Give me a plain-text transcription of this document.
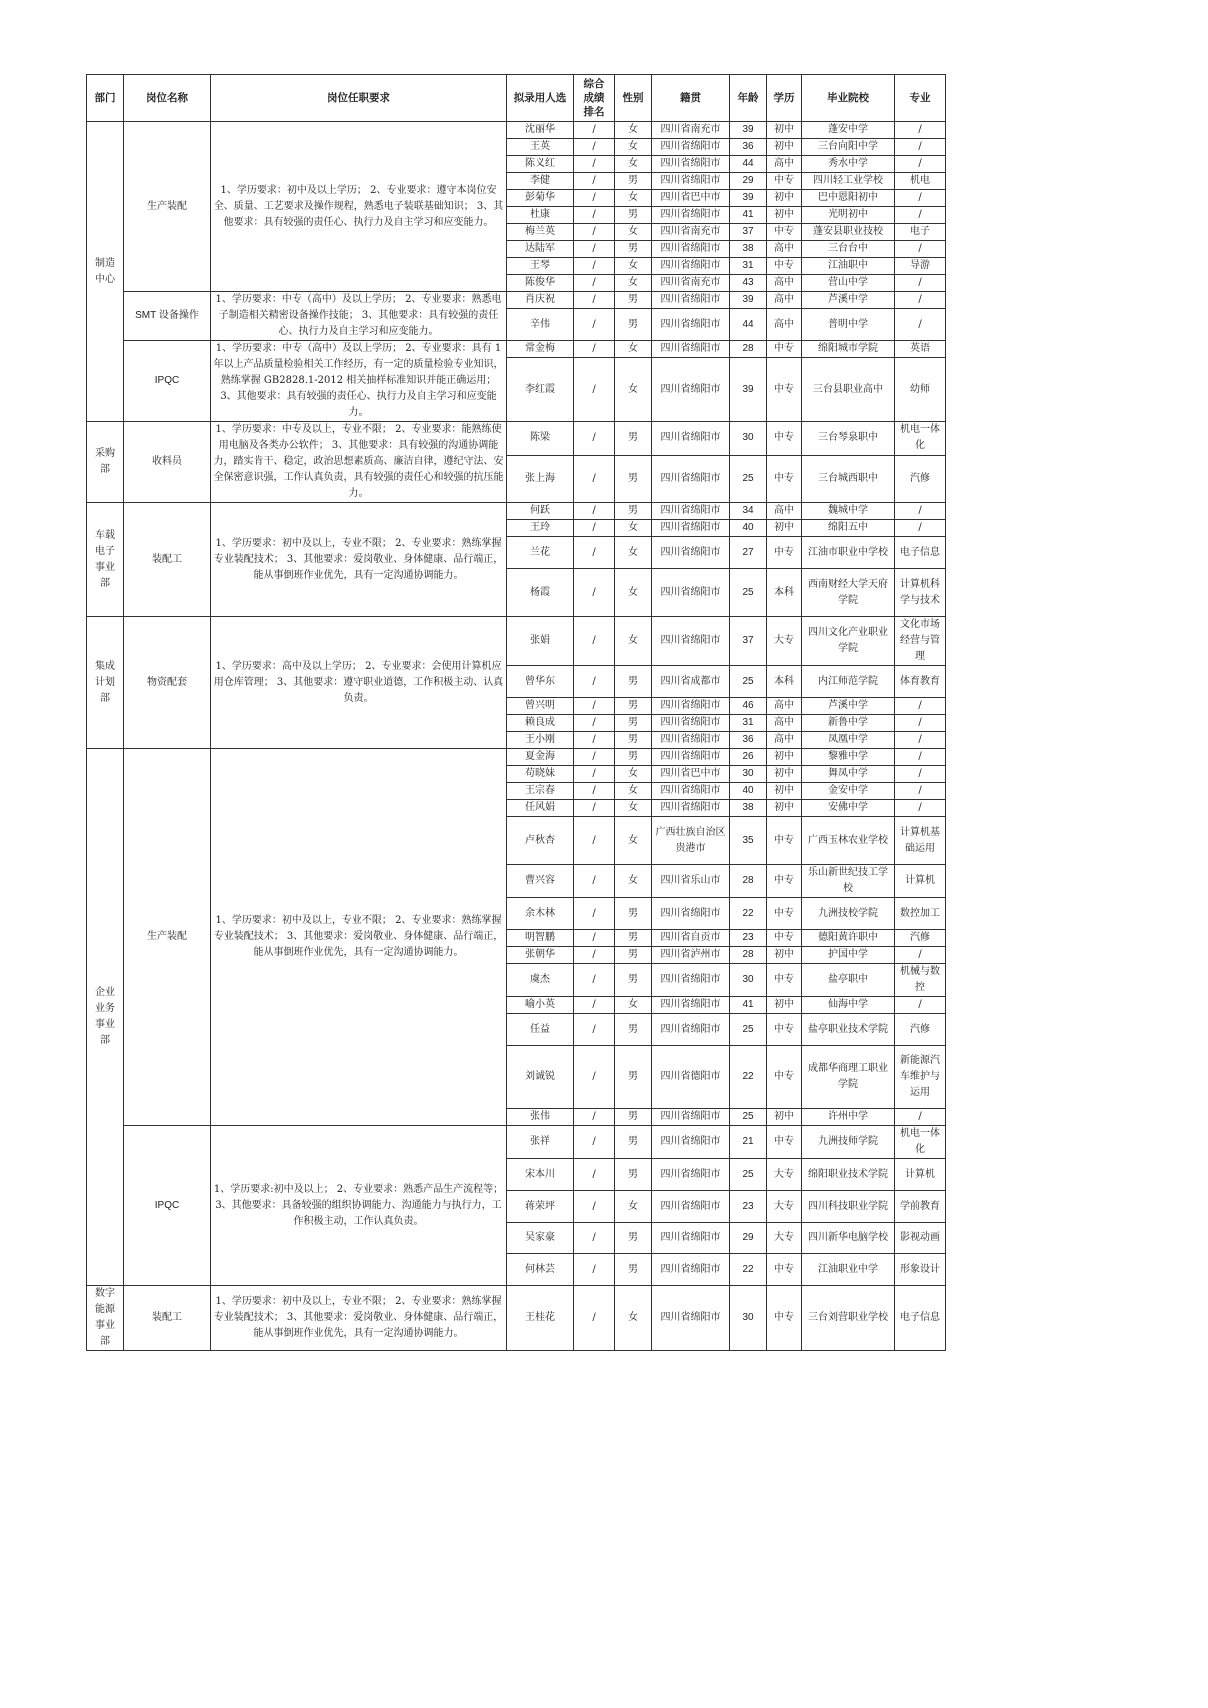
部门	岗位名称	岗位任职要求	拟录用人选	综合成绩排名	性别	籍贯	年龄	学历	毕业院校	专业
制造中心	生产装配	1、学历要求：初中及以上学历； 2、专业要求：遵守本岗位安全、质量、工艺要求及操作规程，熟悉电子装联基础知识； 3、其他要求：具有较强的责任心、执行力及自主学习和应变能力。	沈丽华	/	女	四川省南充市	39	初中	蓬安中学	/
			王英	/	女	四川省绵阳市	36	初中	三台向阳中学	/
			陈义红	/	女	四川省绵阳市	44	高中	秀水中学	/
			李健	/	男	四川省绵阳市	29	中专	四川轻工业学校	机电
			彭菊华	/	女	四川省巴中市	39	初中	巴中恩阳初中	/
			杜康	/	男	四川省绵阳市	41	初中	光明初中	/
			梅兰英	/	女	四川省南充市	37	中专	蓬安县职业技校	电子
			达陆军	/	男	四川省绵阳市	38	高中	三台台中	/
			王琴	/	女	四川省绵阳市	31	中专	江油职中	导游
			陈俊华	/	女	四川省南充市	43	高中	营山中学	/
	SMT 设备操作	1、学历要求：中专（高中）及以上学历； 2、专业要求：熟悉电子制造相关精密设备操作技能； 3、其他要求：具有较强的责任心、执行力及自主学习和应变能力。	肖庆祝	/	男	四川省绵阳市	39	高中	芦溪中学	/
			辛伟	/	男	四川省绵阳市	44	高中	普明中学	/
	IPQC	1、学历要求：中专（高中）及以上学历； 2、专业要求：具有 1 年以上产品质量检验相关工作经历，有一定的质量检验专业知识，熟练掌握 GB2828.1-2012 相关抽样标准知识并能正确运用； 3、其他要求：具有较强的责任心、执行力及自主学习和应变能力。	常金梅	/	女	四川省绵阳市	28	中专	绵阳城市学院	英语
			李红霞	/	女	四川省绵阳市	39	中专	三台县职业高中	幼师
采购部	收料员	1、学历要求：中专及以上，专业不限； 2、专业要求：能熟练使用电脑及各类办公软件； 3、其他要求：具有较强的沟通协调能力，踏实肯干、稳定，政治思想素质高、廉洁自律，遵纪守法、安全保密意识强，工作认真负责，具有较强的责任心和较强的抗压能力。	陈梁	/	男	四川省绵阳市	30	中专	三台琴泉职中	机电一体化
			张上海	/	男	四川省绵阳市	25	中专	三台城西职中	汽修
车载电子事业部	装配工	1、学历要求：初中及以上，专业不限； 2、专业要求：熟练掌握专业装配技术； 3、其他要求：爱岗敬业、身体健康、品行端正，能从事倒班作业优先，具有一定沟通协调能力。	何跃	/	男	四川省绵阳市	34	高中	魏城中学	/
			王玲	/	女	四川省绵阳市	40	初中	绵阳五中	/
			兰花	/	女	四川省绵阳市	27	中专	江油市职业中学校	电子信息
			杨霞	/	女	四川省绵阳市	25	本科	西南财经大学天府学院	计算机科学与技术
集成计划部	物资配套	1、学历要求：高中及以上学历； 2、专业要求：会使用计算机应用仓库管理； 3、其他要求：遵守职业道德，工作积极主动、认真负责。	张娟	/	女	四川省绵阳市	37	大专	四川文化产业职业学院	文化市场经营与管理
			曾华东	/	男	四川省成都市	25	本科	内江师范学院	体育教育
			曾兴明	/	男	四川省绵阳市	46	高中	芦溪中学	/
			赖良成	/	男	四川省绵阳市	31	高中	新鲁中学	/
			王小刚	/	男	四川省绵阳市	36	高中	凤凰中学	/
企业业务事业部	生产装配	1、学历要求：初中及以上，专业不限； 2、专业要求：熟练掌握专业装配技术； 3、其他要求：爱岗敬业、身体健康、品行端正，能从事倒班作业优先，具有一定沟通协调能力。	夏金海	/	男	四川省绵阳市	26	初中	黎雅中学	/
			苟晓妹	/	女	四川省巴中市	30	初中	舞凤中学	/
			王宗春	/	女	四川省绵阳市	40	初中	金安中学	/
			任风娟	/	女	四川省绵阳市	38	初中	安佛中学	/
			卢秋杏	/	女	广西壮族自治区贵港市	35	中专	广西玉林农业学校	计算机基础运用
			曹兴容	/	女	四川省乐山市	28	中专	乐山新世纪技工学校	计算机
			余木林	/	男	四川省绵阳市	22	中专	九洲技校学院	数控加工
			明智鹏	/	男	四川省自贡市	23	中专	德阳黄许职中	汽修
			张朝华	/	男	四川省泸州市	28	初中	护国中学	/
			虞杰	/	男	四川省绵阳市	30	中专	盐亭职中	机械与数控
			喻小英	/	女	四川省绵阳市	41	初中	仙海中学	/
			任益	/	男	四川省绵阳市	25	中专	盐亭职业技术学院	汽修
			刘诚锐	/	男	四川省德阳市	22	中专	成都华商理工职业学院	新能源汽车维护与运用
			张伟	/	男	四川省绵阳市	25	初中	许州中学	/
	IPQC	1、学历要求:初中及以上； 2、专业要求：熟悉产品生产流程等； 3、其他要求：具备较强的组织协调能力、沟通能力与执行力，工作积极主动，工作认真负责。	张祥	/	男	四川省绵阳市	21	中专	九洲技师学院	机电一体化
			宋本川	/	男	四川省绵阳市	25	大专	绵阳职业技术学院	计算机
			蒋荣坪	/	女	四川省绵阳市	23	大专	四川科技职业学院	学前教育
			吴家豪	/	男	四川省绵阳市	29	大专	四川新华电脑学校	影视动画
			何林芸	/	男	四川省绵阳市	22	中专	江油职业中学	形象设计
数字能源事业部	装配工	1、学历要求：初中及以上，专业不限； 2、专业要求：熟练掌握专业装配技术； 3、其他要求：爱岗敬业、身体健康、品行端正，能从事倒班作业优先，具有一定沟通协调能力。	王桂花	/	女	四川省绵阳市	30	中专	三台刘营职业学校	电子信息
